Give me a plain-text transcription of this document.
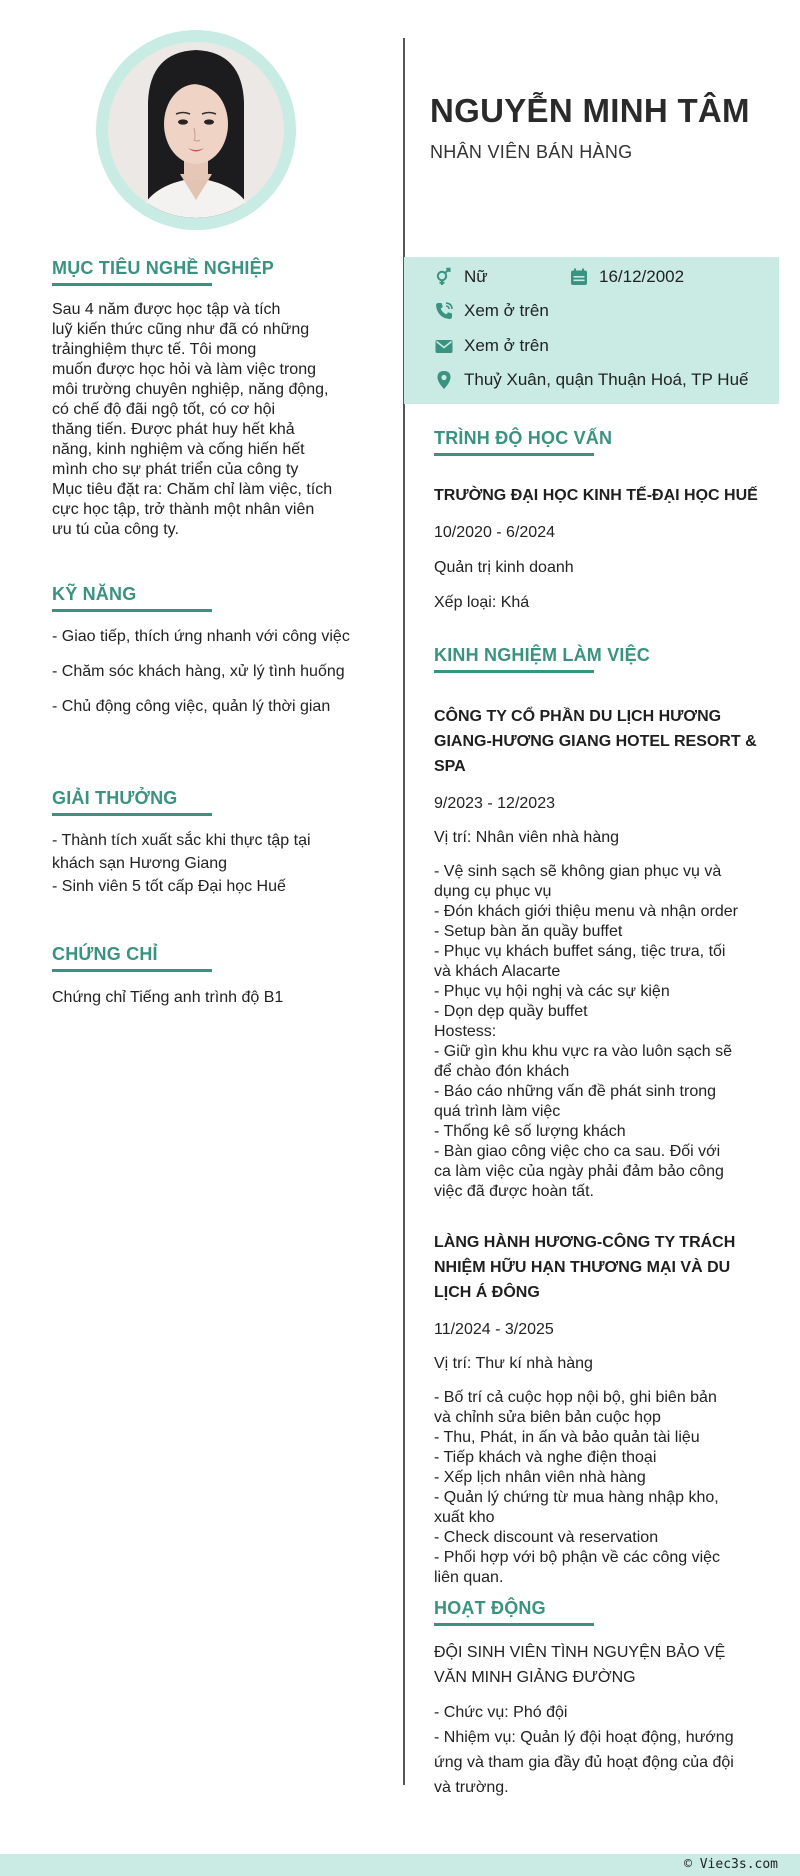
MỤC TIÊU NGHỀ NGHIỆP
Sau 4 năm được học tập và tích
luỹ kiến thức cũng như đã có những
trảinghiệm thực tế. Tôi mong
muốn được học hỏi và làm việc trong
môi trường chuyên nghiệp, năng động,
có chế độ đãi ngộ tốt, có cơ hội
thăng tiến. Được phát huy hết khả
năng, kinh nghiệm và cống hiến hết
mình cho sự phát triển của công ty
Mục tiêu đặt ra: Chăm chỉ làm việc, tích
cực học tập, trở thành một nhân viên
ưu tú của công ty.
KỸ NĂNG

- Giao tiếp, thích ứng nhanh với công việc

- Chăm sóc khách hàng, xử lý tình huống

- Chủ động công việc, quản lý thời gian

GIẢI THƯỞNG

- Thành tích xuất sắc khi thực tập tại khách sạn Hương Giang

- Sinh viên 5 tốt cấp Đại học Huế

CHỨNG CHỈ

Chứng chỉ Tiếng anh trình độ B1

NGUYỄN MINH TÂM
NHÂN VIÊN BÁN HÀNG
Nữ	16/12/2002
Xem ở trên
Xem ở trên
Thuỷ Xuân, quận Thuận Hoá, TP Huế
TRÌNH ĐỘ HỌC VẤN
TRƯỜNG ĐẠI HỌC KINH TẾ-ĐẠI HỌC HUẾ
10/2020 - 6/2024
Quản trị kinh doanh
Xếp loại: Khá
KINH NGHIỆM LÀM VIỆC
CÔNG TY CỔ PHẦN DU LỊCH HƯƠNG
GIANG-HƯƠNG GIANG HOTEL RESORT &
SPA
9/2023 - 12/2023
Vị trí: Nhân viên nhà hàng
- Vệ sinh sạch sẽ không gian phục vụ và
dụng cụ phục vụ
- Đón khách giới thiệu menu và nhận order
- Setup bàn ăn quầy buffet
- Phục vụ khách buffet sáng, tiệc trưa, tối
và khách Alacarte
- Phục vụ hội nghị và các sự kiện
- Dọn dẹp quầy buffet
Hostess:
- Giữ gìn khu khu vực ra vào luôn sạch sẽ
để chào đón khách
- Báo cáo những vấn đề phát sinh trong
quá trình làm việc
- Thống kê số lượng khách
- Bàn giao công việc cho ca sau. Đối với
ca làm việc của ngày phải đảm bảo công
việc đã được hoàn tất.
LÀNG HÀNH HƯƠNG-CÔNG TY TRÁCH
NHIỆM HỮU HẠN THƯƠNG MẠI VÀ DU
LỊCH Á ĐÔNG
11/2024 - 3/2025
Vị trí: Thư kí nhà hàng
- Bố trí cả cuộc họp nội bộ, ghi biên bản
và chỉnh sửa biên bản cuộc họp
- Thu, Phát, in ấn và bảo quản tài liệu
- Tiếp khách và nghe điện thoại
- Xếp lịch nhân viên nhà hàng
- Quản lý chứng từ mua hàng nhập kho,
xuất kho
- Check discount và reservation
- Phối hợp với bộ phận về các công việc
liên quan.
HOẠT ĐỘNG
ĐỘI SINH VIÊN TÌNH NGUYỆN BẢO VỆ
VĂN MINH GIẢNG ĐƯỜNG
- Chức vụ: Phó đội
- Nhiệm vụ: Quản lý đội hoạt động, hướng
ứng và tham gia đầy đủ hoạt động của đội
và trường.
© Viec3s.com
